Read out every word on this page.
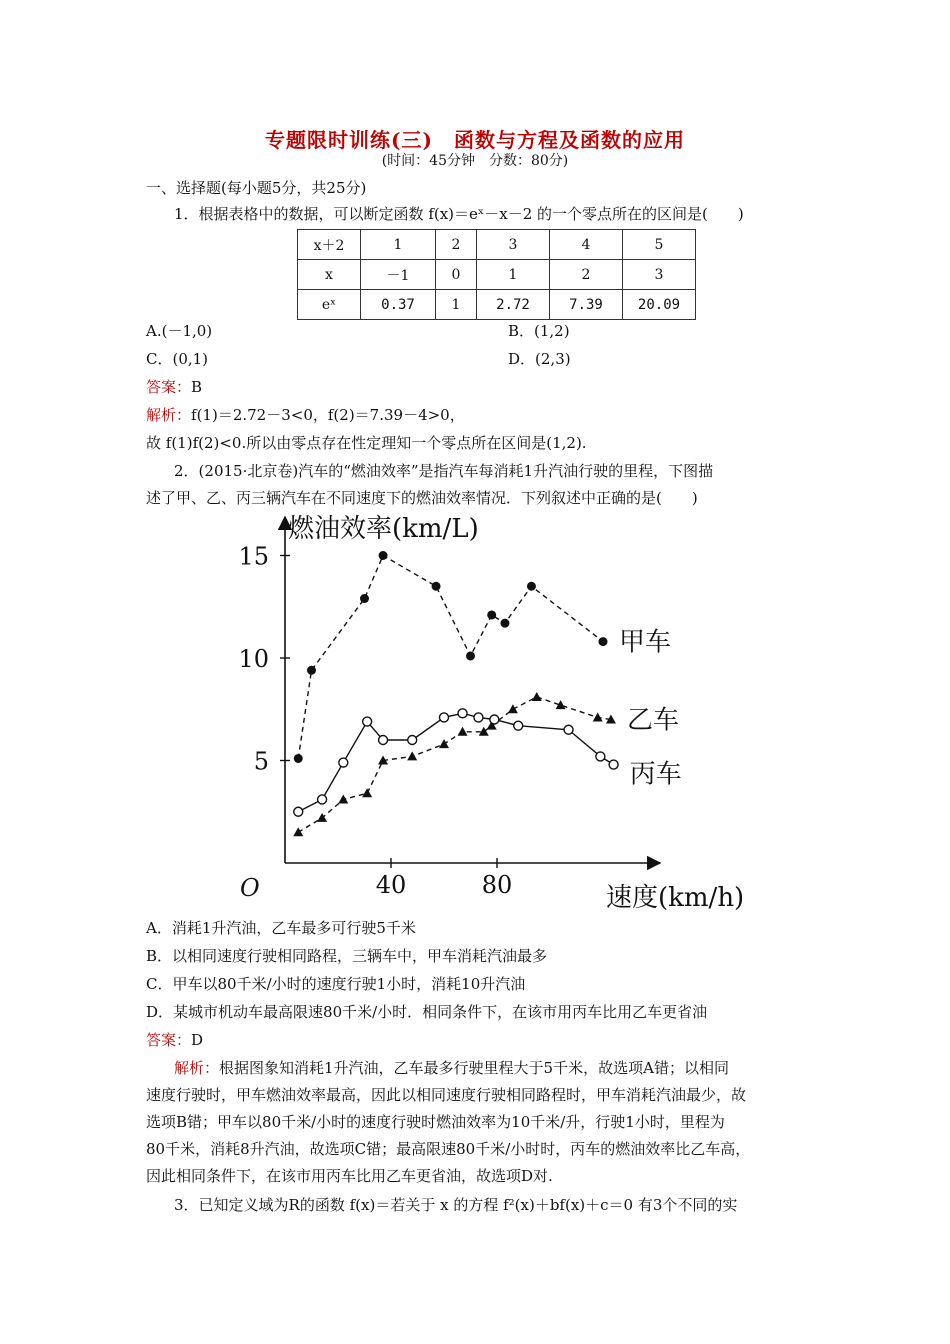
专题限时训练(三)　函数与方程及函数的应用
(时间：45分钟　分数：80分)
一、选择题(每小题5分，共25分)
1．根据表格中的数据，可以断定函数 f(x)＝eˣ－x－2 的一个零点所在的区间是(　　)
x＋2	1	2	3	4	5
x	－1	0	1	2	3
eˣ	0.37	1	2.72	7.39	20.09
A.(－1,0)	B．(1,2)
C．(0,1)	D．(2,3)
答案：B
解析：f(1)＝2.72－3<0，f(2)＝7.39－4>0，
故 f(1)f(2)<0.所以由零点存在性定理知一个零点所在区间是(1,2).
2．(2015·北京卷)汽车的“燃油效率”是指汽车每消耗1升汽油行驶的里程，下图描
述了甲、乙、丙三辆汽车在不同速度下的燃油效率情况．下列叙述中正确的是(　　)
燃油效率(km/L)
速度(km/h)
O
5
10
15
40	80
甲车
乙车
丙车
A．消耗1升汽油，乙车最多可行驶5千米
B．以相同速度行驶相同路程，三辆车中，甲车消耗汽油最多
C．甲车以80千米/小时的速度行驶1小时，消耗10升汽油
D．某城市机动车最高限速80千米/小时．相同条件下，在该市用丙车比用乙车更省油
答案：D
解析：根据图象知消耗1升汽油，乙车最多行驶里程大于5千米，故选项A错；以相同
速度行驶时，甲车燃油效率最高，因此以相同速度行驶相同路程时，甲车消耗汽油最少，故
选项B错；甲车以80千米/小时的速度行驶时燃油效率为10千米/升，行驶1小时，里程为
80千米，消耗8升汽油，故选项C错；最高限速80千米/小时时，丙车的燃油效率比乙车高，
因此相同条件下，在该市用丙车比用乙车更省油，故选项D对.
3．已知定义域为R的函数 f(x)＝若关于 x 的方程 f²(x)＋bf(x)＋c＝0 有3个不同的实
